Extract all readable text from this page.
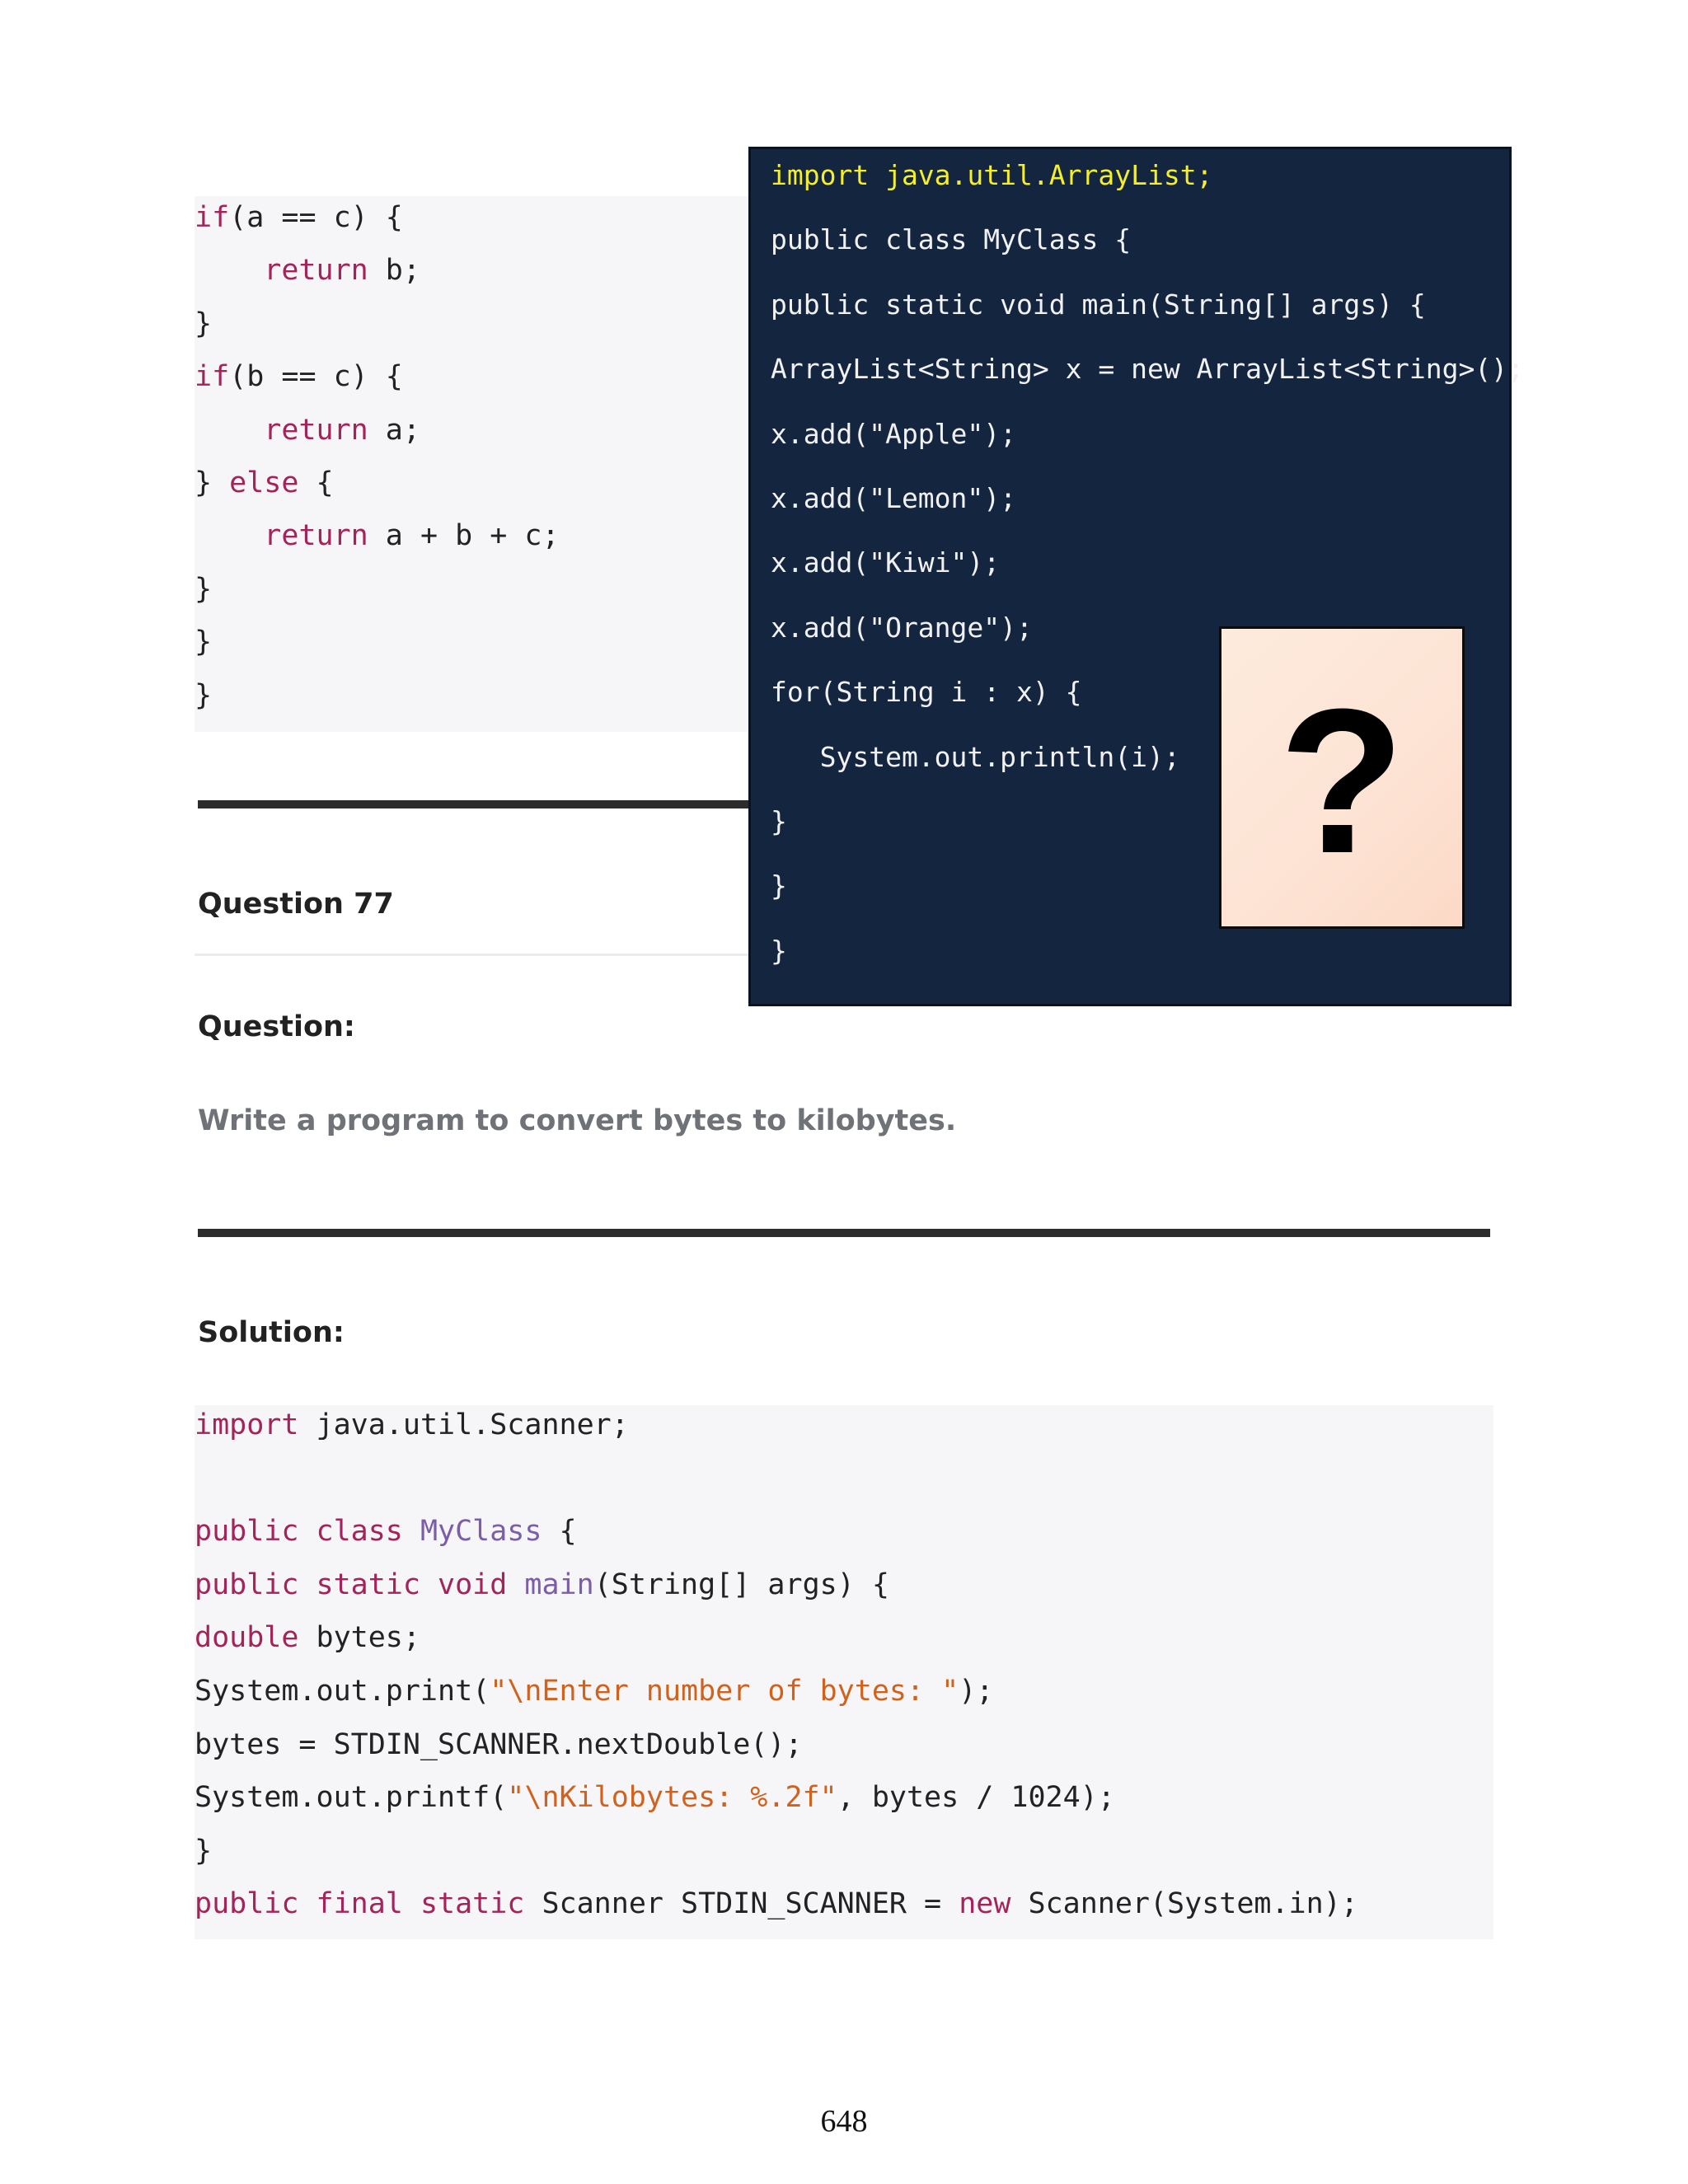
if(a == c) {
return b;
}
if(b == c) {
return a;
} else {
return a + b + c;
}
}
}
Question 77
Question:
Write a program to convert bytes to kilobytes.
Solution:
import java.util.Scanner;
public class MyClass {
public static void main(String[] args) {
double bytes;
System.out.print("\nEnter number of bytes: ");
bytes = STDIN_SCANNER.nextDouble();
System.out.printf("\nKilobytes: %.2f", bytes / 1024);
}
public final static Scanner STDIN_SCANNER = new Scanner(System.in);
import java.util.ArrayList;
public class MyClass {
public static void main(String[] args) {
ArrayList<String> x = new ArrayList<String>();
x.add("Apple");
x.add("Lemon");
x.add("Kiwi");
x.add("Orange");
for(String i : x) {
System.out.println(i);
}
}
}
?
648
